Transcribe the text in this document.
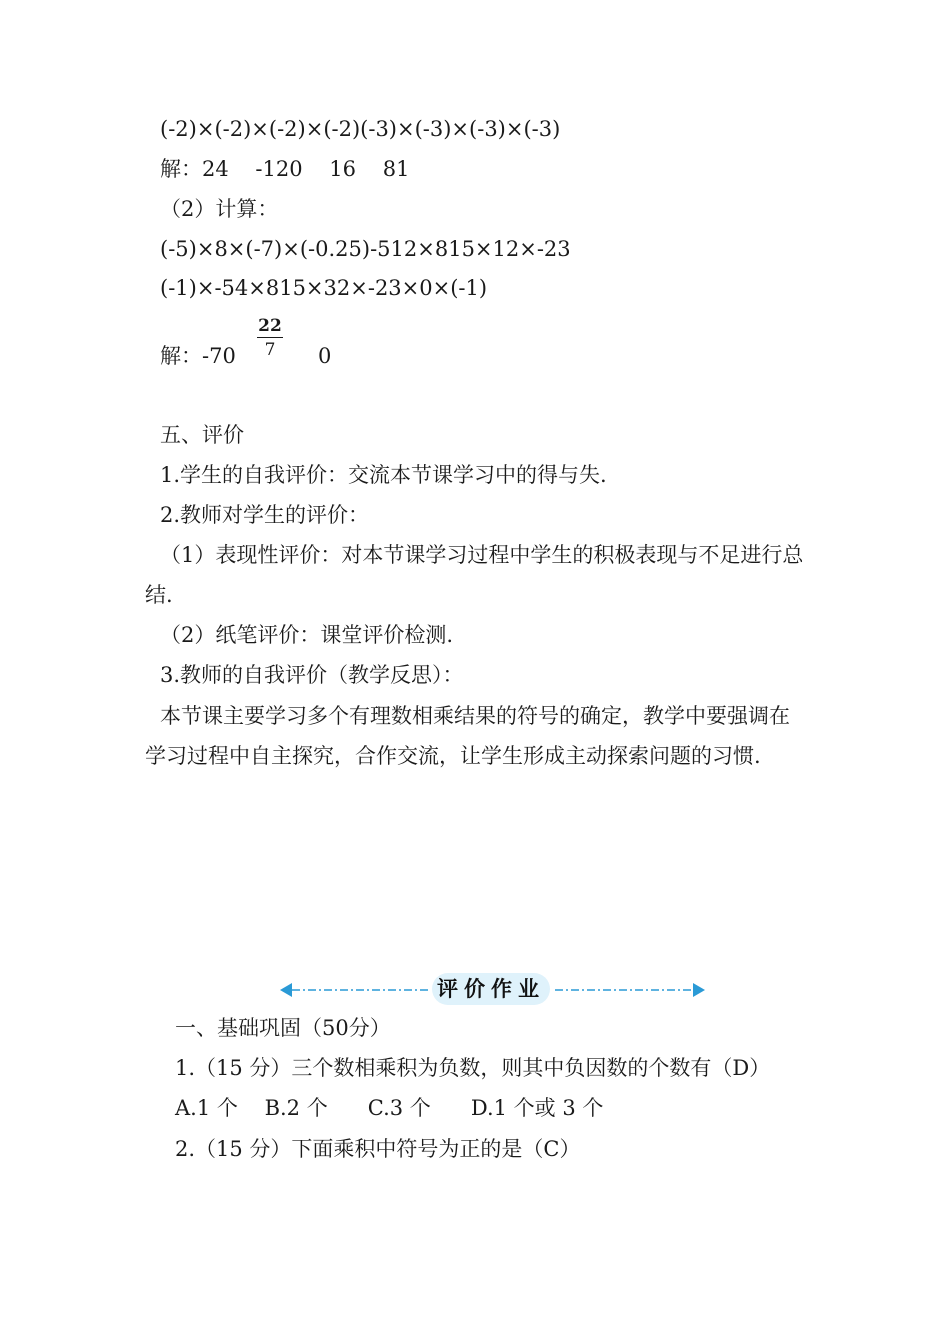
(-2)×(-2)×(-2)×(-2)(-3)×(-3)×(-3)×(-3)
解：24    -120    16    81
（2）计算：
(-5)×8×(-7)×(-0.25)-512×815×12×-23
(-1)×-54×815×32×-23×0×(-1)
解：-70
22
7	0
五、评价
1.学生的自我评价：交流本节课学习中的得与失.
2.教师对学生的评价：
（1）表现性评价：对本节课学习过程中学生的积极表现与不足进行总结.
（2）纸笔评价：课堂评价检测.
3.教师的自我评价（教学反思）：
本节课主要学习多个有理数相乘结果的符号的确定，教学中要强调在学习过程中自主探究，合作交流，让学生形成主动探索问题的习惯.
评价作业
一、基础巩固（50分）
1.（15 分）三个数相乘积为负数，则其中负因数的个数有（D）
A.1 个    B.2 个      C.3 个      D.1 个或 3 个
2.（15 分）下面乘积中符号为正的是（C）
